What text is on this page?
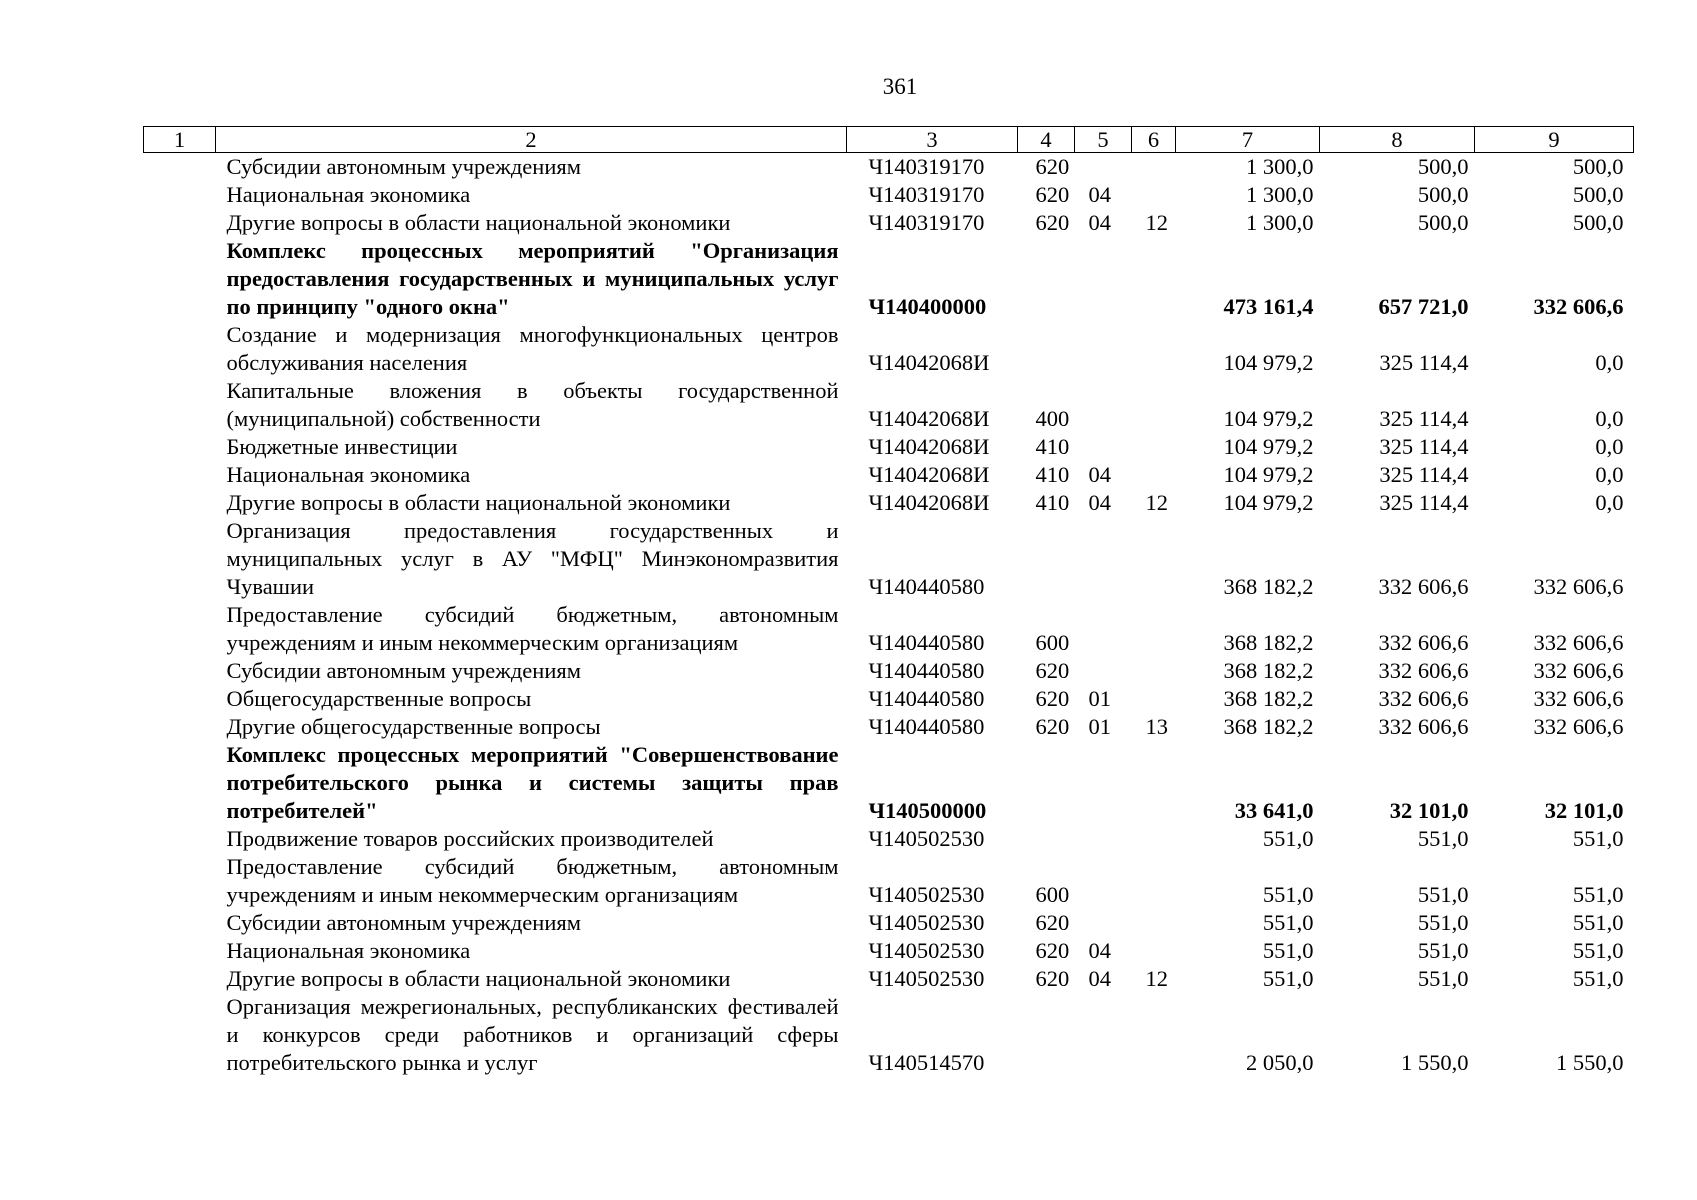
361
1	2	3	4	5	6	7	8	9
	Субсидии автономным учреждениям	Ч140319170	620			1 300,0	500,0	500,0
	Национальная экономика	Ч140319170	620	04		1 300,0	500,0	500,0
	Другие вопросы в области национальной экономики	Ч140319170	620	04	12	1 300,0	500,0	500,0
	Комплекс процессных мероприятий "Организация предоставления государственных и муниципальных услуг по принципу "одного окна"	Ч140400000				473 161,4	657 721,0	332 606,6
	Создание и модернизация многофункциональных центров обслуживания населения	Ч14042068И				104 979,2	325 114,4	0,0
	Капитальные вложения в объекты государственной (муниципальной) собственности	Ч14042068И	400			104 979,2	325 114,4	0,0
	Бюджетные инвестиции	Ч14042068И	410			104 979,2	325 114,4	0,0
	Национальная экономика	Ч14042068И	410	04		104 979,2	325 114,4	0,0
	Другие вопросы в области национальной экономики	Ч14042068И	410	04	12	104 979,2	325 114,4	0,0
	Организация предоставления государственных и муниципальных услуг в АУ "МФЦ" Минэкономразвития Чувашии	Ч140440580				368 182,2	332 606,6	332 606,6
	Предоставление субсидий бюджетным, автономным учреждениям и иным некоммерческим организациям	Ч140440580	600			368 182,2	332 606,6	332 606,6
	Субсидии автономным учреждениям	Ч140440580	620			368 182,2	332 606,6	332 606,6
	Общегосударственные вопросы	Ч140440580	620	01		368 182,2	332 606,6	332 606,6
	Другие общегосударственные вопросы	Ч140440580	620	01	13	368 182,2	332 606,6	332 606,6
	Комплекс процессных мероприятий "Совершенствование потребительского рынка и системы защиты прав потребителей"	Ч140500000				33 641,0	32 101,0	32 101,0
	Продвижение товаров российских производителей	Ч140502530				551,0	551,0	551,0
	Предоставление субсидий бюджетным, автономным учреждениям и иным некоммерческим организациям	Ч140502530	600			551,0	551,0	551,0
	Субсидии автономным учреждениям	Ч140502530	620			551,0	551,0	551,0
	Национальная экономика	Ч140502530	620	04		551,0	551,0	551,0
	Другие вопросы в области национальной экономики	Ч140502530	620	04	12	551,0	551,0	551,0
	Организация межрегиональных, республиканских фестивалей и конкурсов среди работников и организаций сферы потребительского рынка и услуг	Ч140514570				2 050,0	1 550,0	1 550,0
